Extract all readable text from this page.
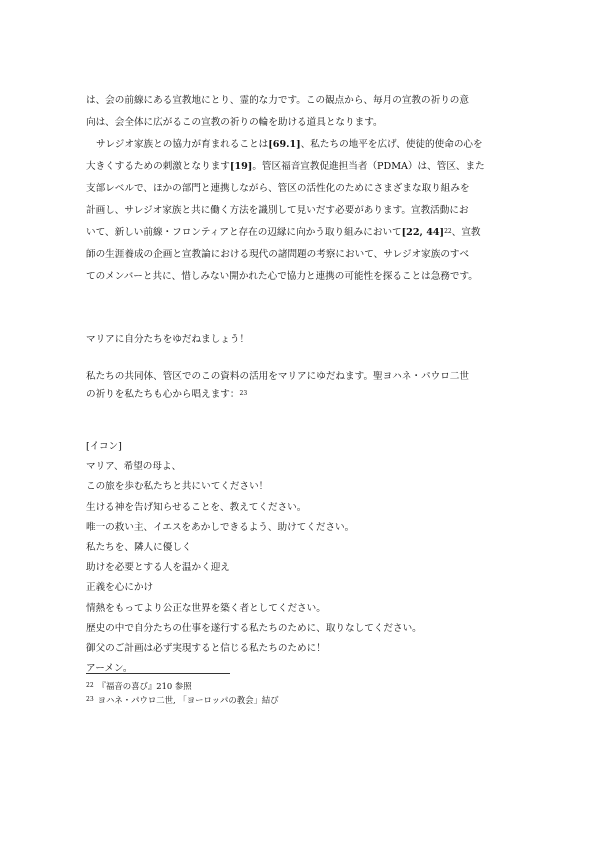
は、会の前線にある宣教地にとり、霊的な力です。この観点から、毎月の宣教の祈りの意
向は、会全体に広がるこの宣教の祈りの輪を助ける道具となります。
サレジオ家族との協力が育まれることは[69.1]、私たちの地平を広げ、使徒的使命の心を
大きくするための刺激となります[19]。管区福音宣教促進担当者（PDMA）は、管区、また
支部レベルで、ほかの部門と連携しながら、管区の活性化のためにさまざまな取り組みを
計画し、サレジオ家族と共に働く方法を識別して見いだす必要があります。宣教活動にお
いて、新しい前線・フロンティアと存在の辺縁に向かう取り組みにおいて[22, 44]$^{22}$、宣教
師の生涯養成の企画と宣教論における現代の諸問題の考察において、サレジオ家族のすべ
てのメンバーと共に、惜しみない開かれた心で協力と連携の可能性を探ることは急務です。
マリアに自分たちをゆだねましょう！
私たちの共同体、管区でのこの資料の活用をマリアにゆだねます。聖ヨハネ・パウロ二世
の祈りを私たちも心から唱えます：$^{23}$
[イコン]
マリア、希望の母よ、
この旅を歩む私たちと共にいてください！
生ける神を告げ知らせることを、教えてください。
唯一の救い主、イエスをあかしできるよう、助けてください。
私たちを、隣人に優しく
助けを必要とする人を温かく迎え
正義を心にかけ
情熱をもってより公正な世界を築く者としてください。
歴史の中で自分たちの仕事を遂行する私たちのために、取りなしてください。
御父のご計画は必ず実現すると信じる私たちのために！
アーメン。
$^{22}$ 『福音の喜び』210 参照
$^{23}$ ヨハネ・パウロ二世, 「ヨーロッパの教会」結び
